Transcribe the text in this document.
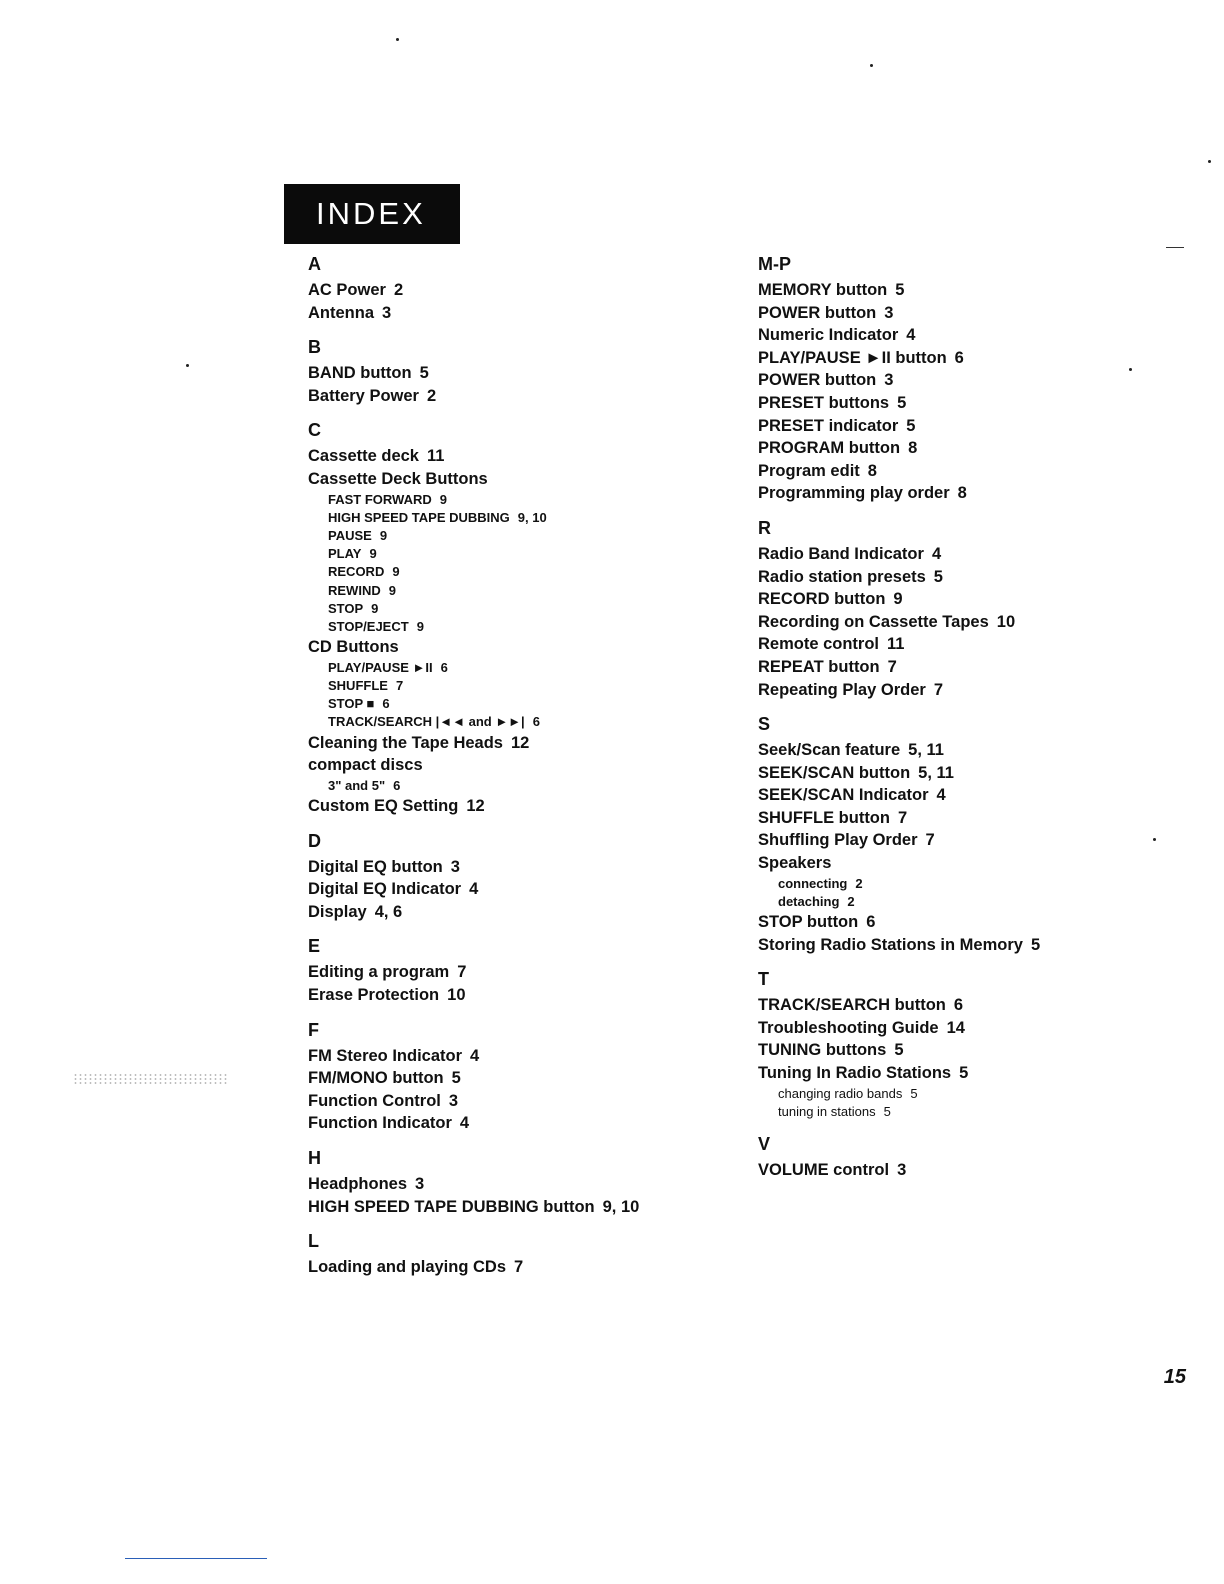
INDEX
A
AC Power 2
Antenna 3
B
BAND button 5
Battery Power 2
C
Cassette deck 11
Cassette Deck Buttons
FAST FORWARD 9
HIGH SPEED TAPE DUBBING 9, 10
PAUSE 9
PLAY 9
RECORD 9
REWIND 9
STOP 9
STOP/EJECT 9
CD Buttons
PLAY/PAUSE ►II 6
SHUFFLE 7
STOP ■ 6
TRACK/SEARCH |◄◄ and ►►| 6
Cleaning the Tape Heads 12
compact discs
3" and 5" 6
Custom EQ Setting 12
D
Digital EQ button 3
Digital EQ Indicator 4
Display 4, 6
E
Editing a program 7
Erase Protection 10
F
FM Stereo Indicator 4
FM/MONO button 5
Function Control 3
Function Indicator 4
H
Headphones 3
HIGH SPEED TAPE DUBBING button 9, 10
L
Loading and playing CDs 7
M-P
MEMORY button 5
POWER button 3
Numeric Indicator 4
PLAY/PAUSE ►II button 6
POWER button 3
PRESET buttons 5
PRESET indicator 5
PROGRAM button 8
Program edit 8
Programming play order 8
R
Radio Band Indicator 4
Radio station presets 5
RECORD button 9
Recording on Cassette Tapes 10
Remote control 11
REPEAT button 7
Repeating Play Order 7
S
Seek/Scan feature 5, 11
SEEK/SCAN button 5, 11
SEEK/SCAN Indicator 4
SHUFFLE button 7
Shuffling Play Order 7
Speakers
connecting 2
detaching 2
STOP button 6
Storing Radio Stations in Memory 5
T
TRACK/SEARCH button 6
Troubleshooting Guide 14
TUNING buttons 5
Tuning In Radio Stations 5
changing radio bands 5
tuning in stations 5
V
VOLUME control 3
15
